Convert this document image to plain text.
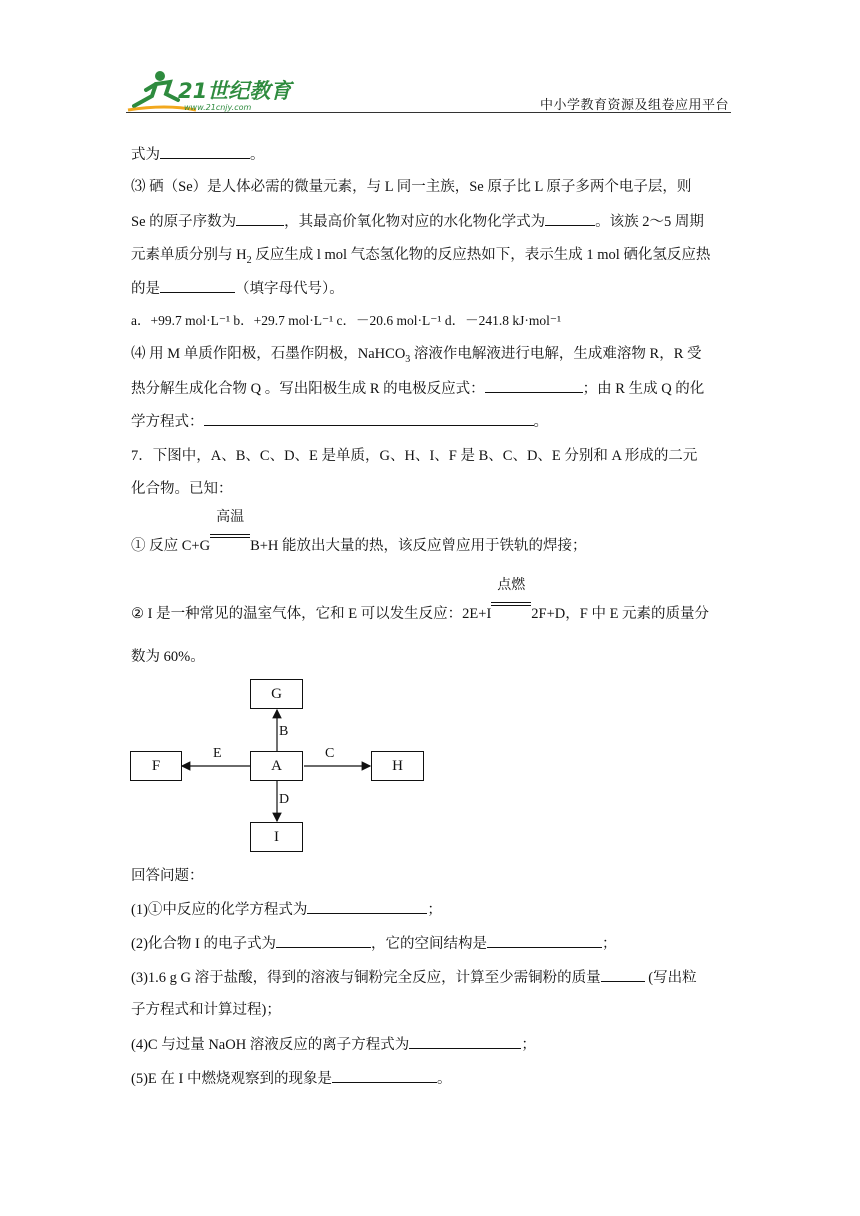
21世纪教育
www.21cnjy.com	中小学教育资源及组卷应用平台
式为	。
⑶ 硒（Se）是人体必需的微量元素，与 L 同一主族，Se 原子比 L 原子多两个电子层，则
Se 的原子序数为	，其最高价氧化物对应的水化物化学式为	。该族 2～5 周期
元素单质分别与 $H_2$ 反应生成 l mol 气态氢化物的反应热如下，表示生成 1 mol 硒化氢反应热
的是	（填字母代号）。
a．+99.7 mol·L⁻¹ b．+29.7 mol·L⁻¹ c．－20.6 mol·L⁻¹ d．－241.8 kJ·mol⁻¹
⑷ 用 M 单质作阳极，石墨作阴极，NaHCO$_3$ 溶液作电解液进行电解，生成难溶物 R，R 受
热分解生成化合物 Q 。写出阳极生成 R 的电极反应式：	；由 R 生成 Q 的化
学方程式：	。
7．下图中，A、B、C、D、E 是单质，G、H、I、F 是 B、C、D、E 分别和 A 形成的二元
化合物。已知：
① 反应 C+G
高温
B+H 能放出大量的热，该反应曾应用于铁轨的焊接；
② I 是一种常见的温室气体，它和 E 可以发生反应：2E+I
点燃
2F+D，F 中 E 元素的质量分
数为 60%。
G
A
F	H
I
B
D
E	C
回答问题：
(1)①中反应的化学方程式为	；
(2)化合物 I 的电子式为	，它的空间结构是	；
(3)1.6 g G 溶于盐酸，得到的溶液与铜粉完全反应，计算至少需铜粉的质量	(写出粒
子方程式和计算过程)；
(4)C 与过量 NaOH 溶液反应的离子方程式为	；
(5)E 在 I 中燃烧观察到的现象是	。
